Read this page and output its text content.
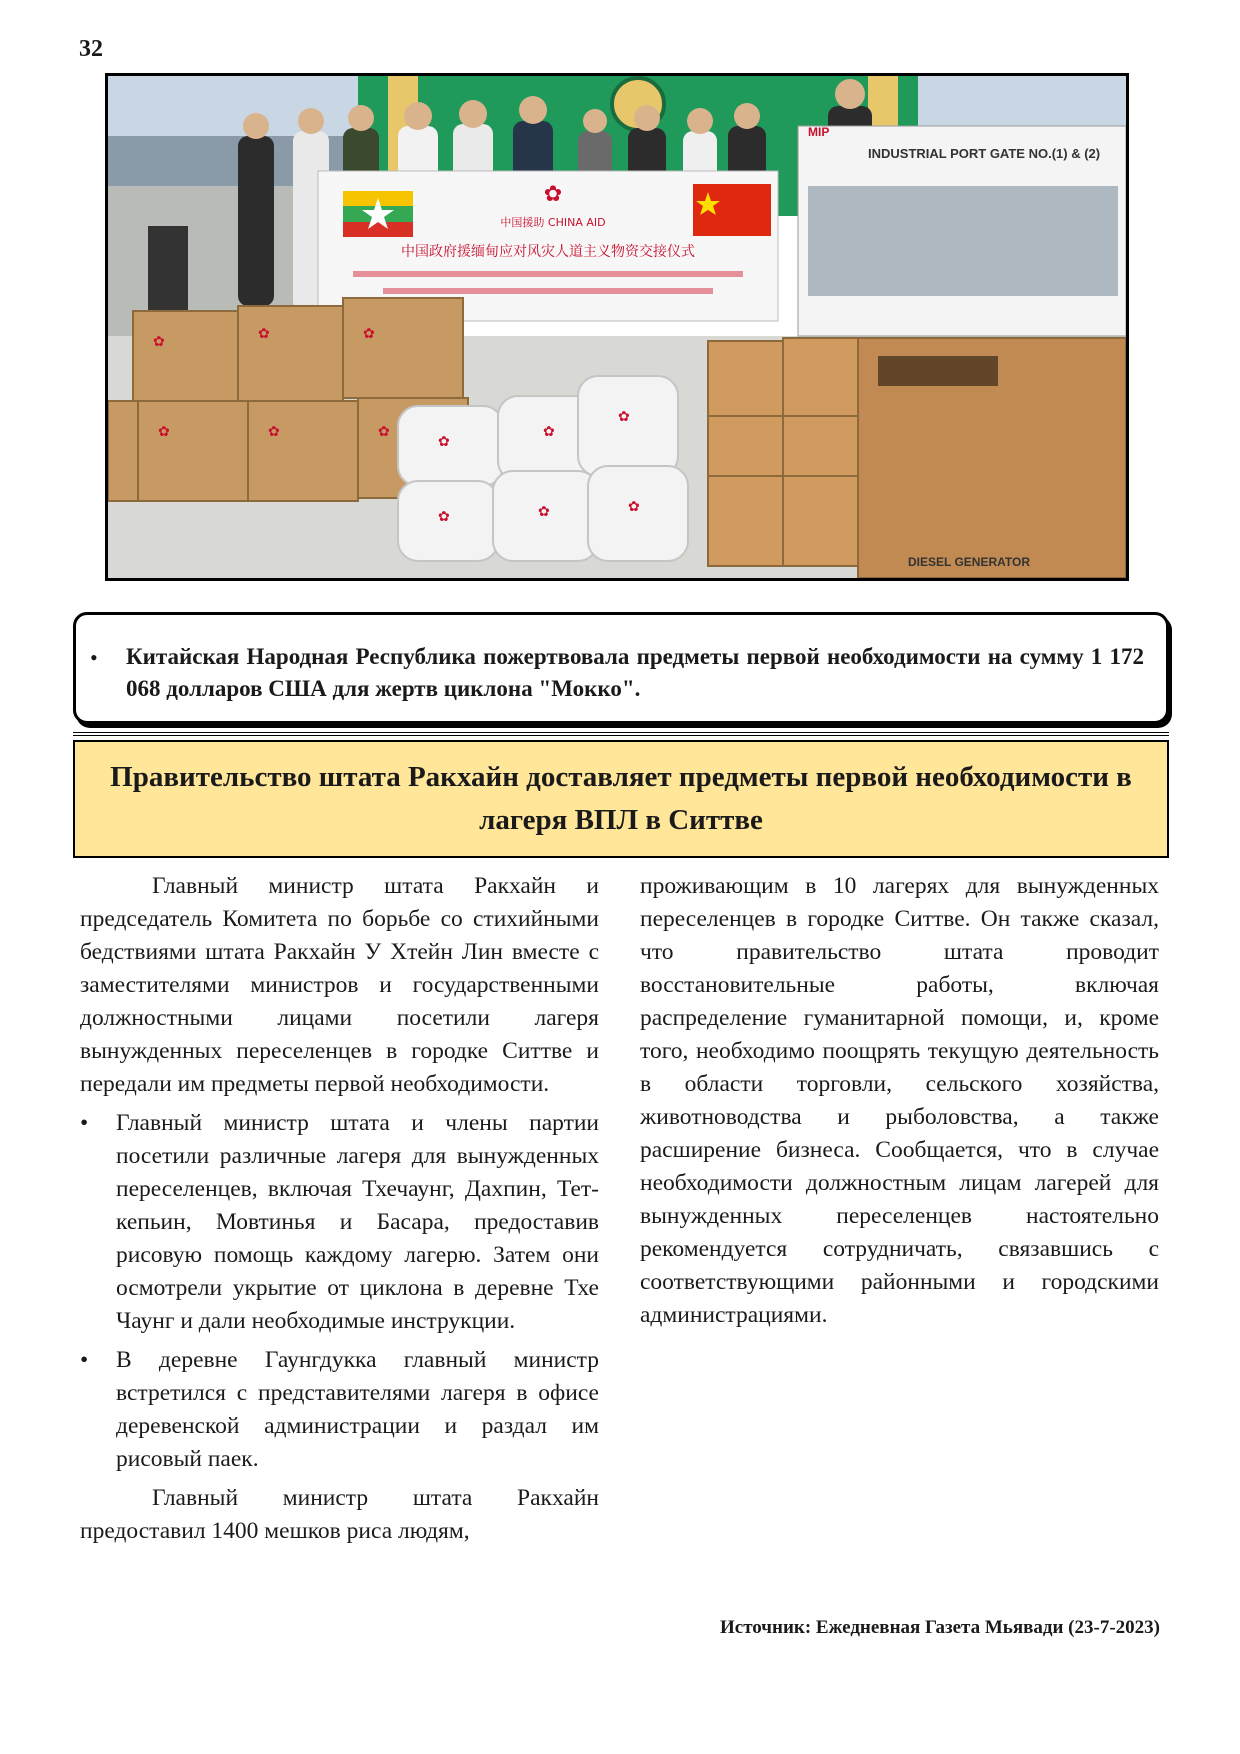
32
✿
中国援助 CHINA AID
中国政府援缅甸应对风灾人道主义物资交接仪式
MIP
INDUSTRIAL PORT GATE NO.(1) & (2)
✿	✿	✿
✿	✿	✿
✿
✿
✿
✿	✿	✿
DIESEL GENERATOR
• Китайская Народная Республика пожертвовала предметы первой необходимости на сумму 1 172 068 долларов США для жертв циклона "Мокко".
Правительство штата Ракхайн доставляет предметы первой необходимости в лагеря ВПЛ в Ситтве

Главный министр штата Ракхайн и председатель Комитета по борьбе со стихийными бедствиями штата Ракхайн У Хтейн Лин вместе с заместителями министров и государственными должностными лицами посетили лагеря вынужденных переселенцев в городке Ситтве и передали им предметы первой необходимости.

• Главный министр штата и члены партии посетили различные лагеря для вынужденных переселенцев, включая Тхечаунг, Дахпин, Тет-кепьин, Мовтинья и Басара, предоставив рисовую помощь каждому лагерю. Затем они осмотрели укрытие от циклона в деревне Тхе Чаунг и дали необходимые инструкции.
• В деревне Гаунгдукка главный министр встретился с представителями лагеря в офисе деревенской администрации и раздал им рисовый паек.

Главный министр штата Ракхайн предоставил 1400 мешков риса людям,

проживающим в 10 лагерях для вынужденных переселенцев в городке Ситтве. Он также сказал, что правительство штата проводит восстановительные работы, включая распределение гуманитарной помощи, и, кроме того, необходимо поощрять текущую деятельность в области торговли, сельского хозяйства, животноводства и рыболовства, а также расширение бизнеса. Сообщается, что в случае необходимости должностным лицам лагерей для вынужденных переселенцев настоятельно рекомендуется сотрудничать, связавшись с соответствующими районными и городскими администрациями.

Источник: Ежедневная Газета Мьявади (23-7-2023)
